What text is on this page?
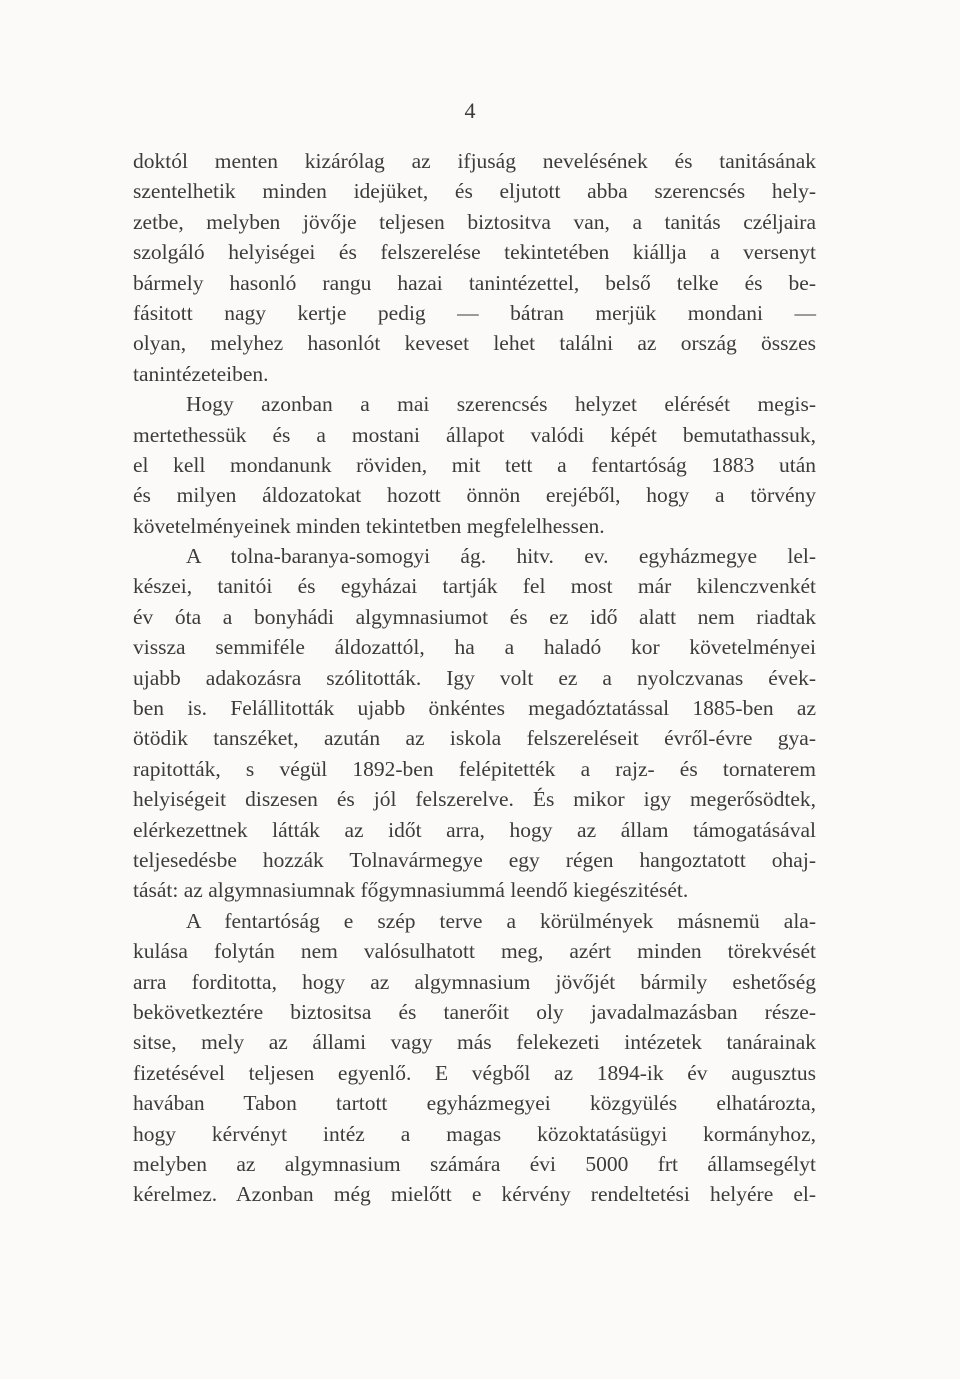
4
doktól menten kizárólag az ifjuság nevelésének és tanitásának
szentelhetik minden idejüket, és eljutott abba szerencsés hely-
zetbe, melyben jövője teljesen biztositva van, a tanitás czéljaira
szolgáló helyiségei és felszerelése tekintetében kiállja a versenyt
bármely hasonló rangu hazai tanintézettel, belső telke és be-
fásitott nagy kertje pedig — bátran merjük mondani —
olyan, melyhez hasonlót keveset lehet találni az ország összes
tanintézeteiben.
Hogy azonban a mai szerencsés helyzet elérését megis-
mertethessük és a mostani állapot valódi képét bemutathassuk,
el kell mondanunk röviden, mit tett a fentartóság 1883 után
és milyen áldozatokat hozott önnön erejéből, hogy a törvény
követelményeinek minden tekintetben megfelelhessen.
A tolna-baranya-somogyi ág. hitv. ev. egyházmegye lel-
készei, tanitói és egyházai tartják fel most már kilenczvenkét
év óta a bonyhádi algymnasiumot és ez idő alatt nem riadtak
vissza semmiféle áldozattól, ha a haladó kor követelményei
ujabb adakozásra szólitották. Igy volt ez a nyolczvanas évek-
ben is. Felállitották ujabb önkéntes megadóztatással 1885-ben az
ötödik tanszéket, azután az iskola felszereléseit évről-évre gya-
rapitották, s végül 1892-ben felépitették a rajz- és tornaterem
helyiségeit diszesen és jól felszerelve. És mikor igy megerősödtek,
elérkezettnek látták az időt arra, hogy az állam támogatásával
teljesedésbe hozzák Tolnavármegye egy régen hangoztatott ohaj-
tását: az algymnasiumnak főgymnasiummá leendő kiegészitését.
A fentartóság e szép terve a körülmények másnemü ala-
kulása folytán nem valósulhatott meg, azért minden törekvését
arra forditotta, hogy az algymnasium jövőjét bármily eshetőség
bekövetkeztére biztositsa és tanerőit oly javadalmazásban része-
sitse, mely az állami vagy más felekezeti intézetek tanárainak
fizetésével teljesen egyenlő. E végből az 1894-ik év augusztus
havában Tabon tartott egyházmegyei közgyülés elhatározta,
hogy kérvényt intéz a magas közoktatásügyi kormányhoz,
melyben az algymnasium számára évi 5000 frt államsegélyt
kérelmez. Azonban még mielőtt e kérvény rendeltetési helyére el-
